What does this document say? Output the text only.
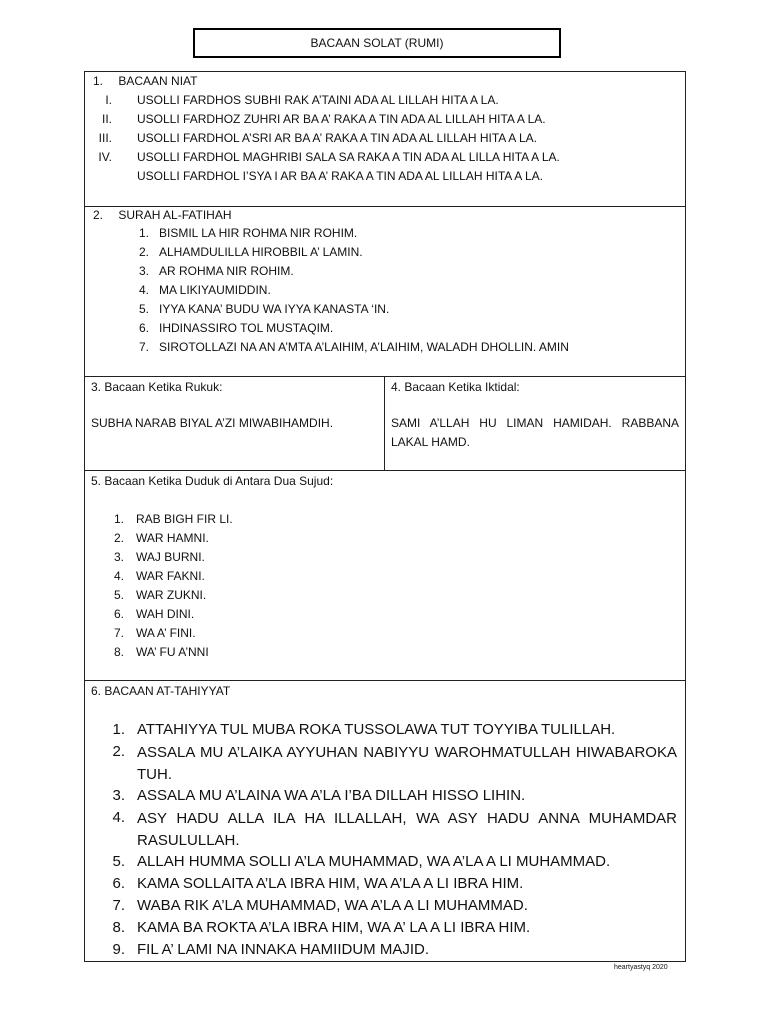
BACAAN SOLAT (RUMI)
1. BACAAN NIAT
I. USOLLI FARDHOS SUBHI RAK A’TAINI ADA AL LILLAH HITA A LA.
II. USOLLI FARDHOZ ZUHRI AR BA A’ RAKA A TIN ADA AL LILLAH HITA A LA.
III. USOLLI FARDHOL A’SRI AR BA A’ RAKA A TIN ADA AL LILLAH HITA A LA.
IV. USOLLI FARDHOL MAGHRIBI SALA SA RAKA A TIN ADA AL LILLA HITA A LA.
USOLLI FARDHOL I’SYA I AR BA A’ RAKA A TIN ADA AL LILLAH HITA A LA.
2. SURAH AL-FATIHAH
1. BISMIL LA HIR ROHMA NIR ROHIM.
2. ALHAMDULILLA HIROBBIL A’ LAMIN.
3. AR ROHMA NIR ROHIM.
4. MA LIKIYAUMIDDIN.
5. IYYA KANA’ BUDU WA IYYA KANASTA ‘IN.
6. IHDINASSIRO TOL MUSTAQIM.
7. SIROTOLLAZI NA AN A’MTA A’LAIHIM, A’LAIHIM, WALADH DHOLLIN. AMIN
3. Bacaan Ketika Rukuk:
SUBHA NARAB BIYAL A’ZI MIWABIHAMDIH.
4. Bacaan Ketika Iktidal:
SAMI A’LLAH HU LIMAN HAMIDAH. RABBANA LAKAL HAMD.
5. Bacaan Ketika Duduk di Antara Dua Sujud:
1. RAB BIGH FIR LI.
2. WAR HAMNI.
3. WAJ BURNI.
4. WAR FAKNI.
5. WAR ZUKNI.
6. WAH DINI.
7. WA A’ FINI.
8. WA’ FU A’NNI
6. BACAAN AT-TAHIYYAT
1. ATTAHIYYA TUL MUBA ROKA TUSSOLAWA TUT TOYYIBA TULILLAH.
2. ASSALA MU A’LAIKA AYYUHAN NABIYYU WAROHMATULLAH HIWABAROKA TUH.
3. ASSALA MU A’LAINA WA A’LA I’BA DILLAH HISSO LIHIN.
4. ASY HADU ALLA ILA HA ILLALLAH, WA ASY HADU ANNA MUHAMDAR RASULULLAH.
5. ALLAH HUMMA SOLLI A’LA MUHAMMAD, WA A’LA A LI MUHAMMAD.
6. KAMA SOLLAITA A’LA IBRA HIM, WA A’LA A LI IBRA HIM.
7. WABA RIK A’LA MUHAMMAD, WA A’LA A LI MUHAMMAD.
8. KAMA BA ROKTA A’LA IBRA HIM, WA A’ LA A LI IBRA HIM.
9. FIL A’ LAMI NA INNAKA HAMIIDUM MAJID.
heartyastyq 2020
